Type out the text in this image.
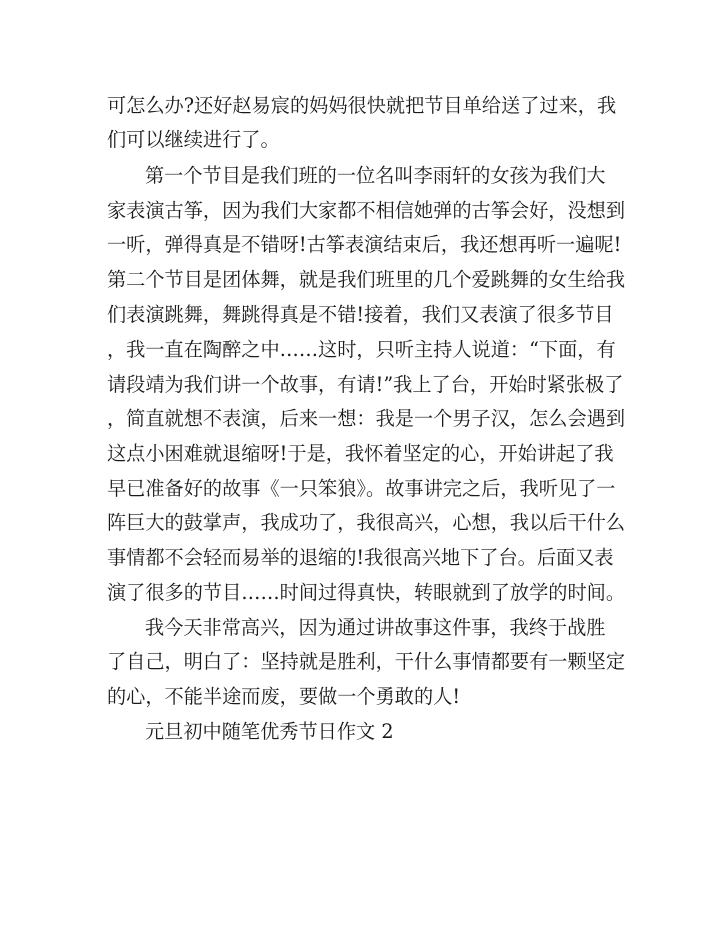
可怎么办?还好赵易宸的妈妈很快就把节目单给送了过来，我
们可以继续进行了。
第一个节目是我们班的一位名叫李雨轩的女孩为我们大
家表演古筝，因为我们大家都不相信她弹的古筝会好，没想到
一听，弹得真是不错呀!古筝表演结束后，我还想再听一遍呢!
第二个节目是团体舞，就是我们班里的几个爱跳舞的女生给我
们表演跳舞，舞跳得真是不错!接着，我们又表演了很多节目
，我一直在陶醉之中……这时，只听主持人说道：“下面，有
请段靖为我们讲一个故事，有请!”我上了台，开始时紧张极了
，简直就想不表演，后来一想：我是一个男子汉，怎么会遇到
这点小困难就退缩呀!于是，我怀着坚定的心，开始讲起了我
早已准备好的故事《一只笨狼》。故事讲完之后，我听见了一
阵巨大的鼓掌声，我成功了，我很高兴，心想，我以后干什么
事情都不会轻而易举的退缩的!我很高兴地下了台。后面又表
演了很多的节目……时间过得真快，转眼就到了放学的时间。
我今天非常高兴，因为通过讲故事这件事，我终于战胜
了自己，明白了：坚持就是胜利，干什么事情都要有一颗坚定
的心，不能半途而废，要做一个勇敢的人!
元旦初中随笔优秀节日作文 2
